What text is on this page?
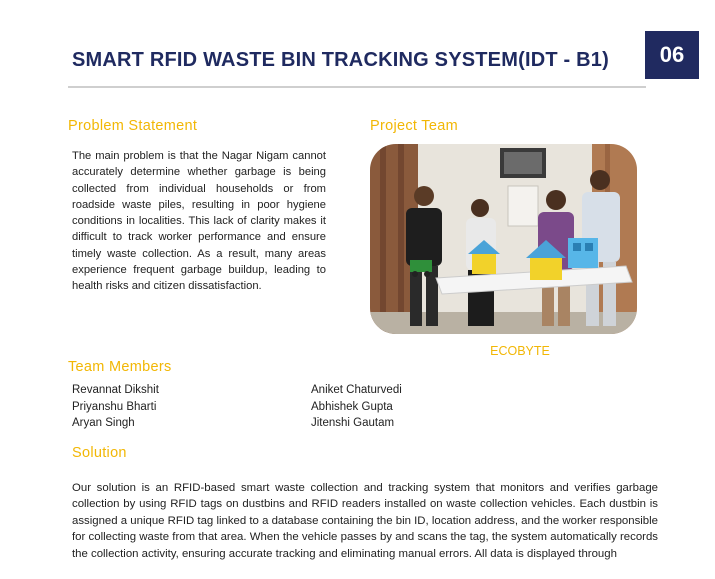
SMART RFID WASTE BIN TRACKING SYSTEM(IDT - B1)	06
Problem Statement
The main problem is that the Nagar Nigam cannot accurately determine whether garbage is being collected from individual households or from roadside waste piles, resulting in poor hygiene conditions in localities. This lack of clarity makes it difficult to track worker performance and ensure timely waste collection. As a result, many areas experience frequent garbage buildup, leading to health risks and citizen dissatisfaction.
Project Team
ECOBYTE
Team Members
Revannat Dikshit
Priyanshu Bharti
Aryan Singh
Aniket Chaturvedi
Abhishek Gupta
Jitenshi Gautam
Solution
Our solution is an RFID-based smart waste collection and tracking system that monitors and verifies garbage collection by using RFID tags on dustbins and RFID readers installed on waste collection vehicles. Each dustbin is assigned a unique RFID tag linked to a database containing the bin ID, location address, and the worker responsible for collecting waste from that area. When the vehicle passes by and scans the tag, the system automatically records the collection activity, ensuring accurate tracking and eliminating manual errors. All data is displayed through
